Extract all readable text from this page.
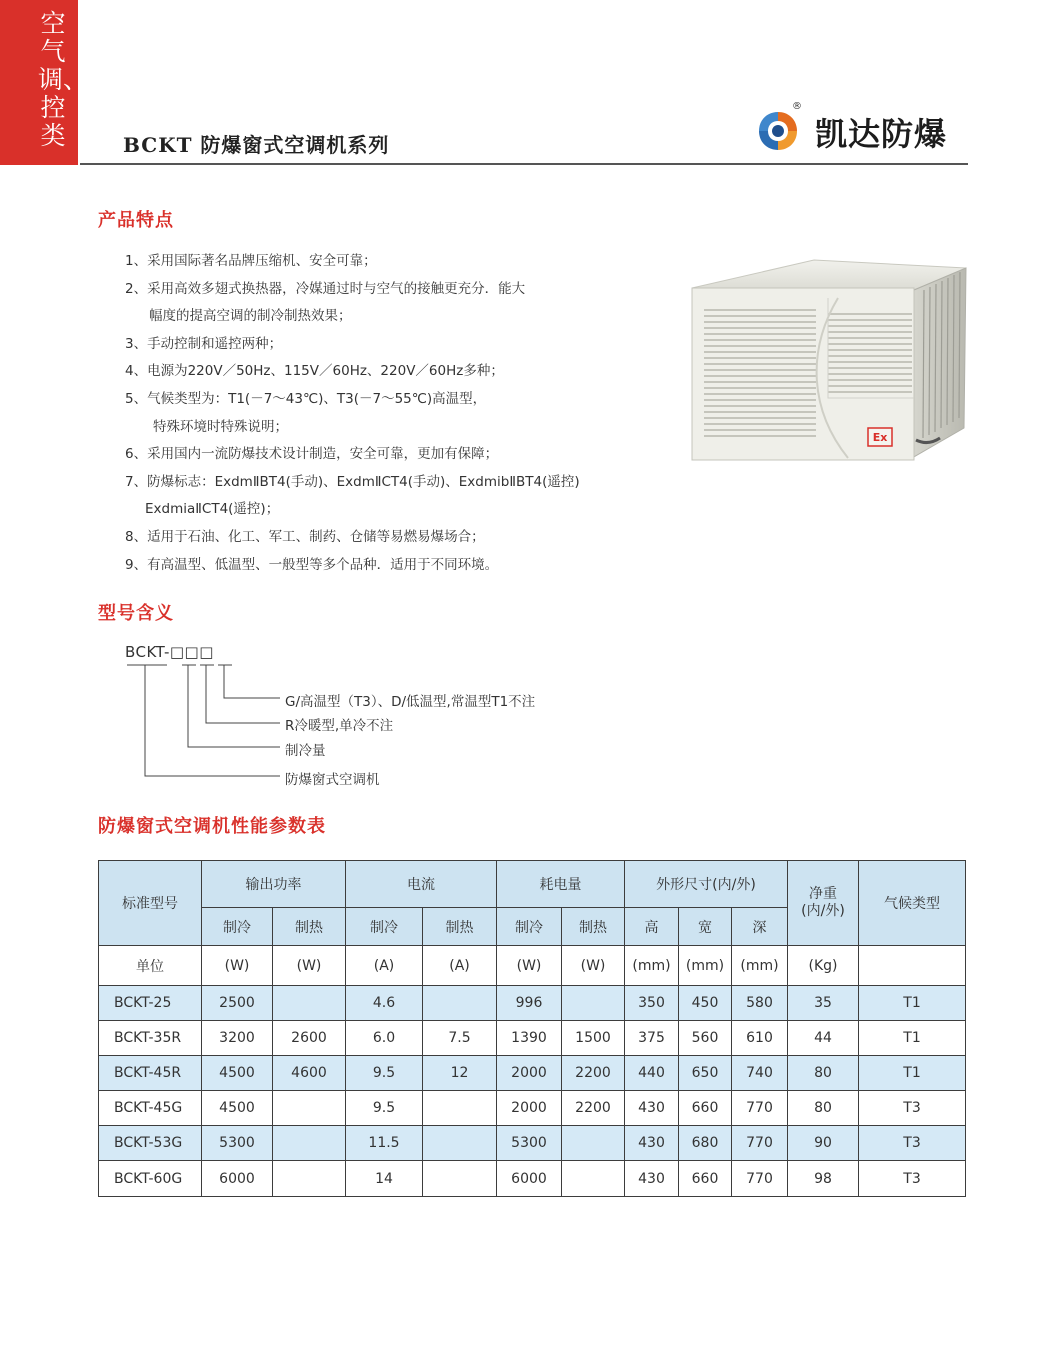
空气调、控类	BCKT 防爆窗式空调机系列
®
凯达防爆
产品特点
1、采用国际著名品牌压缩机、安全可靠；
2、采用高效多翅式换热器，冷媒通过时与空气的接触更充分．能大
幅度的提高空调的制冷制热效果；
3、手动控制和遥控两种；
4、电源为220V／50Hz、115V／60Hz、220V／60Hz多种；
5、气候类型为：T1(－7～43℃)、T3(－7～55℃)高温型，
特殊环境时特殊说明；
6、采用国内一流防爆技术设计制造，安全可靠，更加有保障；
7、防爆标志：ExdmⅡBT4(手动)、ExdmⅡCT4(手动)、ExdmibⅡBT4(遥控)
ExdmiaⅡCT4(遥控)；
8、适用于石油、化工、军工、制药、仓储等易燃易爆场合；
9、有高温型、低温型、一般型等多个品种．适用于不同环境。
Ex
型号含义
BCKT-□□□
G/高温型（T3）、D/低温型,常温型T1不注
R冷暖型,单冷不注
制冷量
防爆窗式空调机
防爆窗式空调机性能参数表
标准型号	输出功率		电流		耗电量		外形尺寸(内/外)			净重
(内/外)	气候类型
	制冷	制热	制冷	制热	制冷	制热	高	宽	深		
单位	(W)	(W)	(A)	(A)	(W)	(W)	(mm)	(mm)	(mm)	(Kg)	
BCKT-25	2500		4.6		996		350	450	580	35	T1
BCKT-35R	3200	2600	6.0	7.5	1390	1500	375	560	610	44	T1
BCKT-45R	4500	4600	9.5	12	2000	2200	440	650	740	80	T1
BCKT-45G	4500		9.5		2000	2200	430	660	770	80	T3
BCKT-53G	5300		11.5		5300		430	680	770	90	T3
BCKT-60G	6000		14		6000		430	660	770	98	T3
